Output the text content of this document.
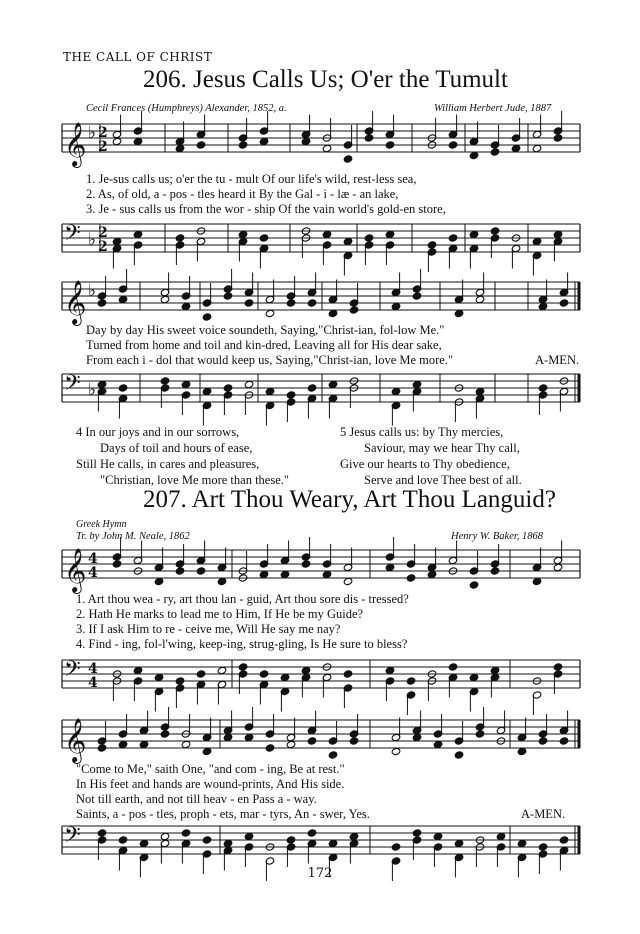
THE CALL OF CHRIST
206. Jesus Calls Us; O'er the Tumult
Cecil Frances (Humphreys) Alexander, 1852, a.	William Herbert Jude, 1887
𝄞 ♭ 2
2
1. Je-sus calls us; o'er the tu - mult Of our life's wild, rest-less sea,
2. As, of old, a - pos - tles heard it By the Gal - i - læ - an lake,
3. Je - sus calls us from the wor - ship Of the vain world's gold-en store,
𝄢 ♭ 2
2
𝄞 ♭
Day by day His sweet voice soundeth, Saying,"Christ-ian, fol-low Me."
Turned from home and toil and kin-dred, Leaving all for His dear sake,
From each i - dol that would keep us, Saying,"Christ-ian, love Me more."	A-MEN.
𝄢 ♭
4 In our joys and in our sorrows,
Days of toil and hours of ease,
Still He calls, in cares and pleasures,
"Christian, love Me more than these."
5 Jesus calls us: by Thy mercies,
Saviour, may we hear Thy call,
Give our hearts to Thy obedience,
Serve and love Thee best of all.
207. Art Thou Weary, Art Thou Languid?
Greek Hymn
Tr. by John M. Neale, 1862	Henry W. Baker, 1868
𝄞 4
4
1. Art thou wea - ry, art thou lan - guid, Art thou sore dis - tressed?
2. Hath He marks to lead me to Him, If He be my Guide?
3. If I ask Him to re - ceive me, Will He say me nay?
4. Find - ing, fol-l'wing, keep-ing, strug-gling, Is He sure to bless?
𝄢 4
4
𝄞
"Come to Me," saith One, "and com - ing, Be at rest."
In His feet and hands are wound-prints, And His side.
Not till earth, and not till heav - en Pass a - way.
Saints, a - pos - tles, proph - ets, mar - tyrs, An - swer, Yes.	A-MEN.
𝄢
172
